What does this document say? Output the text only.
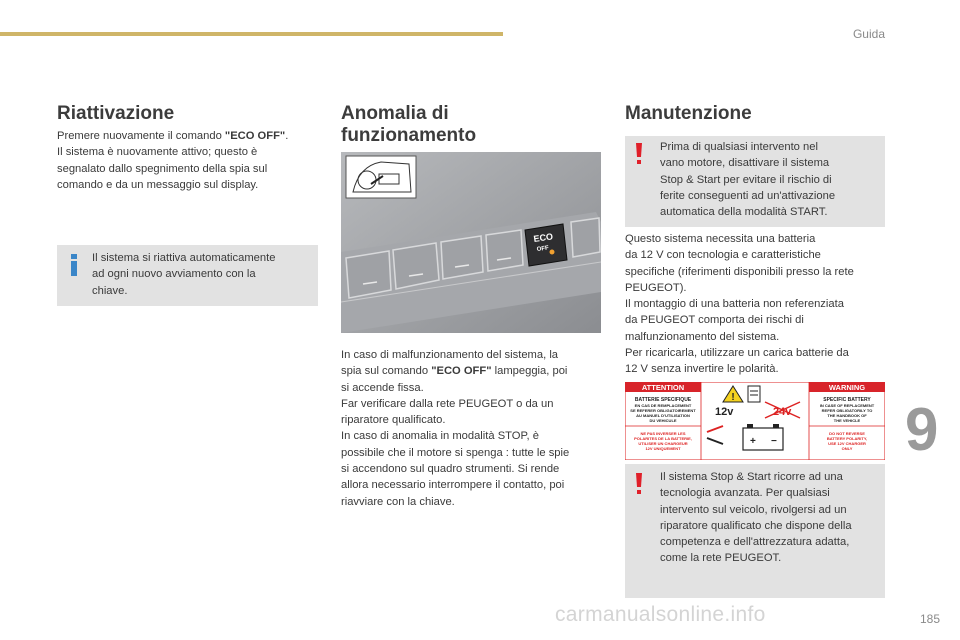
Guida
Riattivazione
Premere nuovamente il comando "ECO OFF".
Il sistema è nuovamente attivo; questo è
segnalato dallo spegnimento della spia sul
comando e da un messaggio sul display.
Il sistema si riattiva automaticamente
ad ogni nuovo avviamento con la
chiave.
Anomalia di
funzionamento
ECO
OFF
In caso di malfunzionamento del sistema, la
spia sul comando "ECO OFF" lampeggia, poi
si accende fissa.
Far verificare dalla rete PEUGEOT o da un
riparatore qualificato.
In caso di anomalia in modalità STOP, è
possibile che il motore si spenga : tutte le spie
si accendono sul quadro strumenti. Si rende
allora necessario interrompere il contatto, poi
riavviare con la chiave.
Manutenzione
Prima di qualsiasi intervento nel
vano motore, disattivare il sistema
Stop & Start per evitare il rischio di
ferite conseguenti ad un'attivazione
automatica della modalità START.
Questo sistema necessita una batteria
da 12 V con tecnologia e caratteristiche
specifiche (riferimenti disponibili presso la rete
PEUGEOT).
Il montaggio di una batteria non referenziata
da PEUGEOT comporta dei rischi di
malfunzionamento del sistema.
Per ricaricarla, utilizzare un carica batterie da
12 V senza invertire le polarità.
ATTENTION	WARNING
BATTERIE SPECIFIQUE
EN CAS DE REMPLACEMENT
SE REFERER OBLIGATOIREMENT
AU MANUEL D'UTILISATION
DU VEHICULE
SPECIFIC BATTERY
IN CASE OF REPLACEMENT
REFER OBLIGATORILY TO
THE HANDBOOK OF
THE VEHICLE
NE PAS INVERSER LES
POLARITES DE LA BATTERIE,
UTILISER UN CHARGEUR
12V UNIQUEMENT
DO NOT REVERSE
BATTERY POLARITY,
USE 12V CHARGER
ONLY
!
12v	24v
+ −
Il sistema Stop & Start ricorre ad una
tecnologia avanzata. Per qualsiasi
intervento sul veicolo, rivolgersi ad un
riparatore qualificato che dispone della
competenza e dell'attrezzatura adatta,
come la rete PEUGEOT.
9
carmanualsonline.info	185
